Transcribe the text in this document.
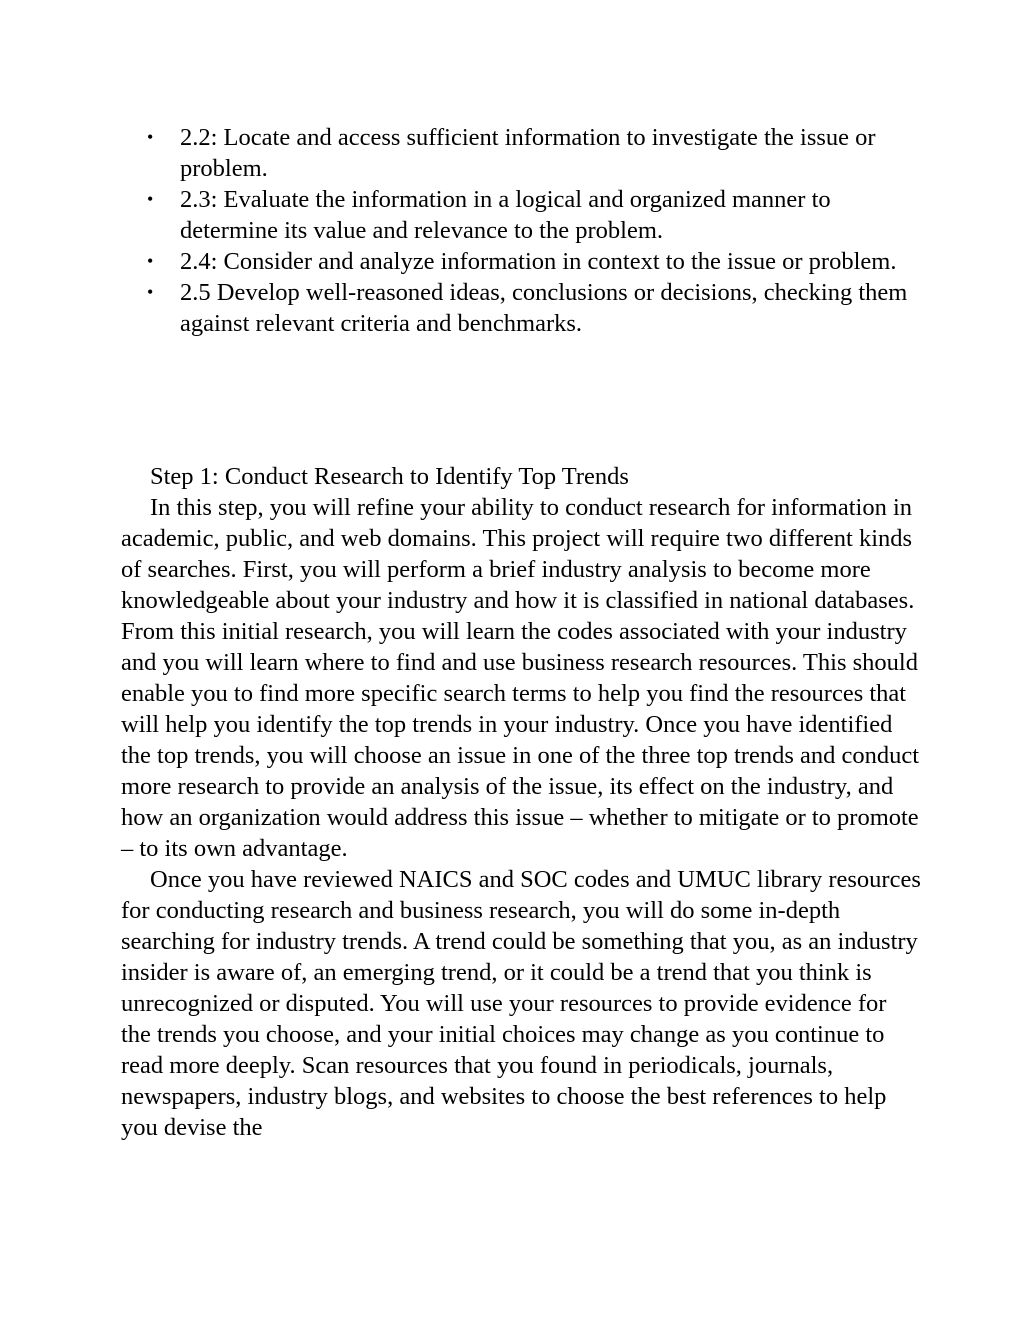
• 2.2: Locate and access sufficient information to investigate the issue or problem.
• 2.3: Evaluate the information in a logical and organized manner to determine its value and relevance to the problem.
• 2.4: Consider and analyze information in context to the issue or problem.
• 2.5 Develop well-reasoned ideas, conclusions or decisions, checking them against relevant criteria and benchmarks.
Step 1: Conduct Research to Identify Top Trends

In this step, you will refine your ability to conduct research for information in academic, public, and web domains. This project will require two different kinds of searches. First, you will perform a brief industry analysis to become more knowledgeable about your industry and how it is classified in national databases. From this initial research, you will learn the codes associated with your industry and you will learn where to find and use business research resources. This should enable you to find more specific search terms to help you find the resources that will help you identify the top trends in your industry. Once you have identified the top trends, you will choose an issue in one of the three top trends and conduct more research to provide an analysis of the issue, its effect on the industry, and how an organization would address this issue – whether to mitigate or to promote – to its own advantage.

Once you have reviewed NAICS and SOC codes and UMUC library resources for conducting research and business research, you will do some in-depth searching for industry trends. A trend could be something that you, as an industry insider is aware of, an emerging trend, or it could be a trend that you think is unrecognized or disputed. You will use your resources to provide evidence for the trends you choose, and your initial choices may change as you continue to read more deeply. Scan resources that you found in periodicals, journals, newspapers, industry blogs, and websites to choose the best references to help you devise the
